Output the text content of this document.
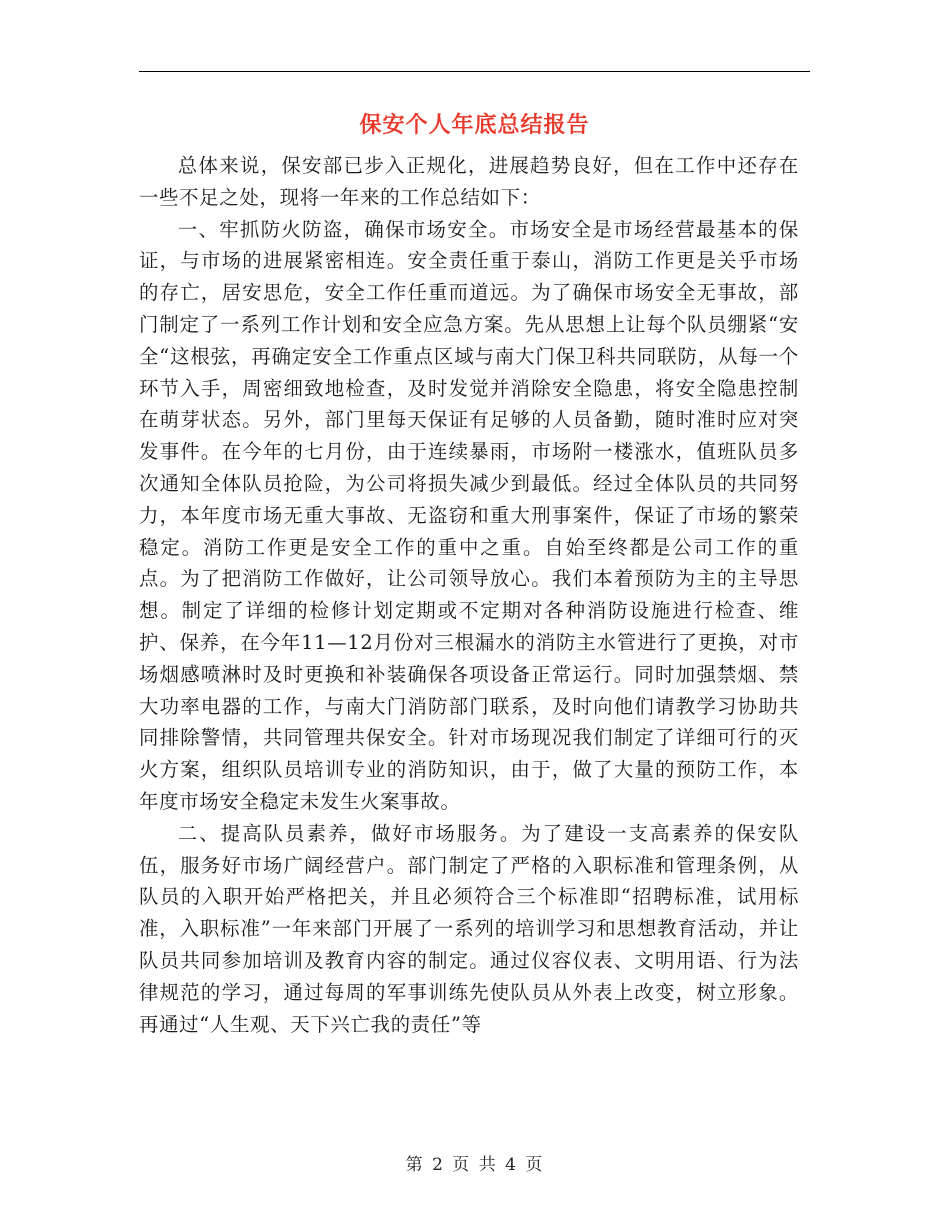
保安个人年底总结报告

总体来说，保安部已步入正规化，进展趋势良好，但在工作中还存在一些不足之处，现将一年来的工作总结如下：

一、牢抓防火防盗，确保市场安全。市场安全是市场经营最基本的保证，与市场的进展紧密相连。安全责任重于泰山，消防工作更是关乎市场的存亡，居安思危，安全工作任重而道远。为了确保市场安全无事故，部门制定了一系列工作计划和安全应急方案。先从思想上让每个队员绷紧“安全“这根弦，再确定安全工作重点区域与南大门保卫科共同联防，从每一个环节入手，周密细致地检查，及时发觉并消除安全隐患，将安全隐患控制在萌芽状态。另外，部门里每天保证有足够的人员备勤，随时准时应对突发事件。在今年的七月份，由于连续暴雨，市场附一楼涨水，值班队员多次通知全体队员抢险，为公司将损失减少到最低。经过全体队员的共同努力，本年度市场无重大事故、无盗窃和重大刑事案件，保证了市场的繁荣稳定。消防工作更是安全工作的重中之重。自始至终都是公司工作的重点。为了把消防工作做好，让公司领导放心。我们本着预防为主的主导思想。制定了详细的检修计划定期或不定期对各种消防设施进行检查、维护、保养，在今年11—12月份对三根漏水的消防主水管进行了更换，对市场烟感喷淋时及时更换和补装确保各项设备正常运行。同时加强禁烟、禁大功率电器的工作，与南大门消防部门联系，及时向他们请教学习协助共同排除警情，共同管理共保安全。针对市场现况我们制定了详细可行的灭火方案，组织队员培训专业的消防知识，由于，做了大量的预防工作，本年度市场安全稳定未发生火案事故。

二、提高队员素养，做好市场服务。为了建设一支高素养的保安队伍，服务好市场广阔经营户。部门制定了严格的入职标准和管理条例，从队员的入职开始严格把关，并且必须符合三个标准即“招聘标准，试用标准，入职标准”一年来部门开展了一系列的培训学习和思想教育活动，并让队员共同参加培训及教育内容的制定。通过仪容仪表、文明用语、行为法律规范的学习，通过每周的军事训练先使队员从外表上改变，树立形象。再通过“人生观、天下兴亡我的责任”等

第 2 页 共 4 页
